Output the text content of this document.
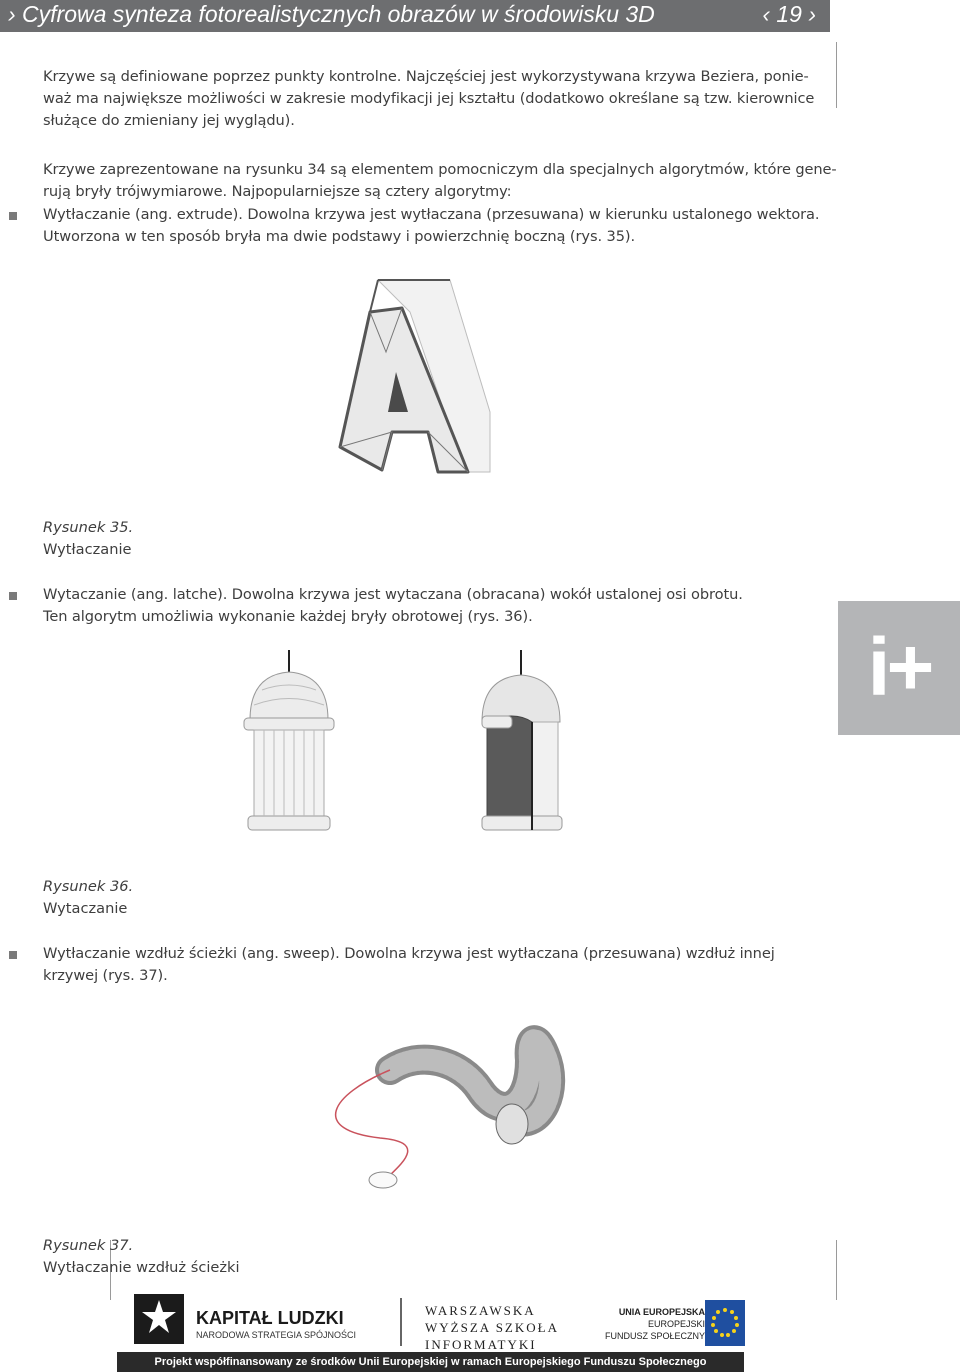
› Cyfrowa synteza fotorealistycznych obrazów w środowisku 3D	‹ 19 ›
Krzywe są definiowane poprzez punkty kontrolne. Najczęściej jest wykorzystywana krzywa Beziera, ponie-
waż ma największe możliwości w zakresie modyfikacji jej kształtu (dodatkowo określane są tzw. kierownice
służące do zmieniany jej wyglądu).
Krzywe zaprezentowane na rysunku 34 są elementem pomocniczym dla specjalnych algorytmów, które gene-
rują bryły trójwymiarowe. Najpopularniejsze są cztery algorytmy:
Wytłaczanie (ang. extrude). Dowolna krzywa jest wytłaczana (przesuwana) w kierunku ustalonego wektora.
Utworzona w ten sposób bryła ma dwie podstawy i powierzchnię boczną (rys. 35).
Rysunek 35.
Wytłaczanie
Wytaczanie (ang. latche). Dowolna krzywa jest wytaczana (obracana) wokół ustalonej osi obrotu.
Ten algorytm umożliwia wykonanie każdej bryły obrotowej (rys. 36).
i+
Rysunek 36.
Wytaczanie
Wytłaczanie wzdłuż ścieżki (ang. sweep). Dowolna krzywa jest wytłaczana (przesuwana) wzdłuż innej
krzywej (rys. 37).
Rysunek 37.
Wytłaczanie wzdłuż ścieżki
KAPITAŁ LUDZKI
NARODOWA STRATEGIA SPÓJNOŚCI
WARSZAWSKA
WYŻSZA SZKOŁA
INFORMATYKI
UNIA EUROPEJSKA
EUROPEJSKI
FUNDUSZ SPOŁECZNY
Projekt współfinansowany ze środków Unii Europejskiej w ramach Europejskiego Funduszu Społecznego
